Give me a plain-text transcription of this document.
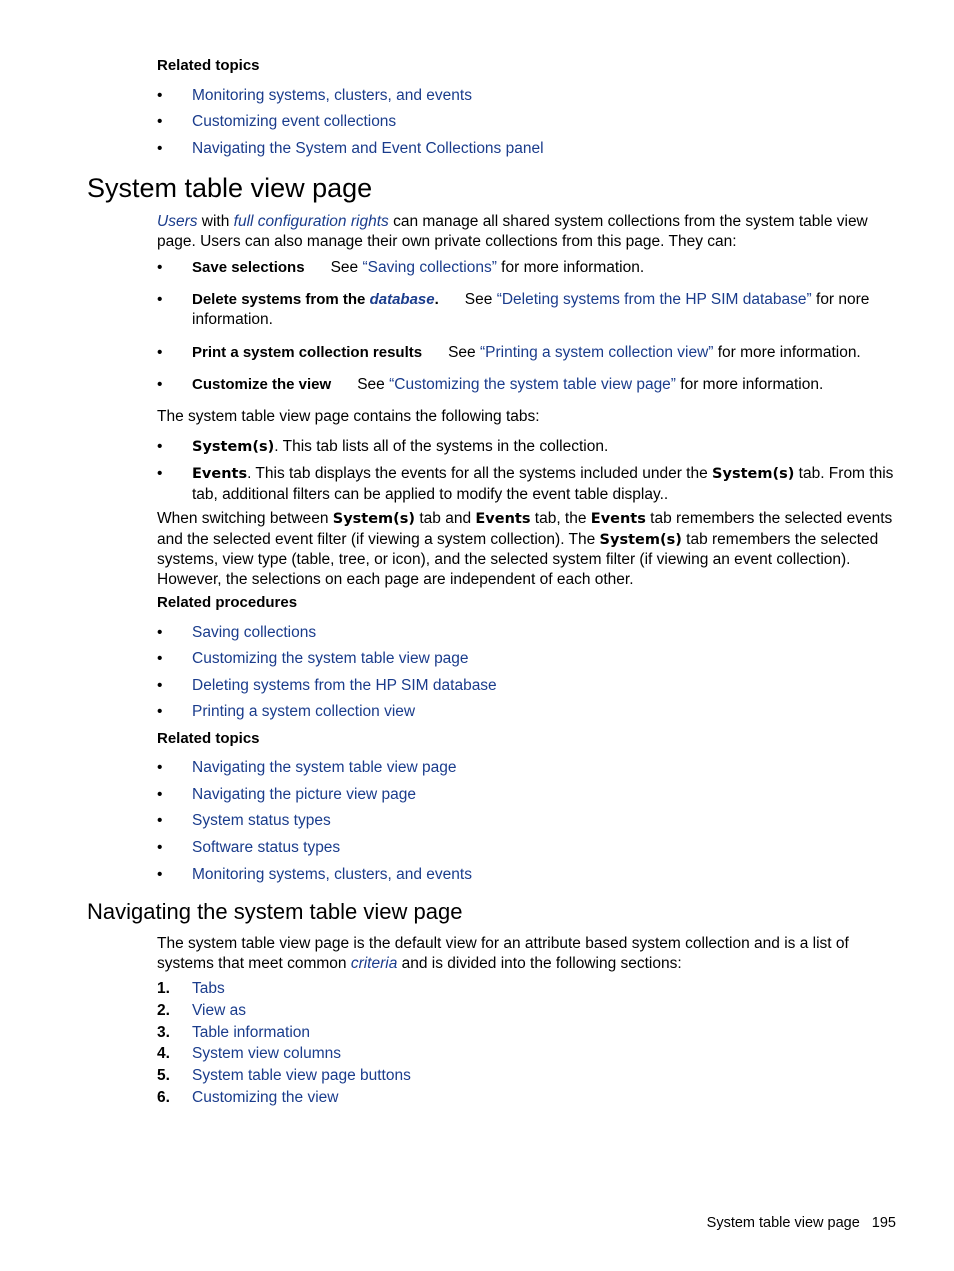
Related topics
• Monitoring systems, clusters, and events
• Customizing event collections
• Navigating the System and Event Collections panel
System table view page
Users with full configuration rights can manage all shared system collections from the system table view page. Users can also manage their own private collections from this page. They can:
• Save selections See “Saving collections” for more information.
• Delete systems from the database. See “Deleting systems from the HP SIM database” for nore information.
• Print a system collection results See “Printing a system collection view” for more information.
• Customize the view See “Customizing the system table view page” for more information.
The system table view page contains the following tabs:
• System(s). This tab lists all of the systems in the collection.
• Events. This tab displays the events for all the systems included under the System(s) tab. From this tab, additional filters can be applied to modify the event table display..
When switching between System(s) tab and Events tab, the Events tab remembers the selected events and the selected event filter (if viewing a system collection). The System(s) tab remembers the selected systems, view type (table, tree, or icon), and the selected system filter (if viewing an event collection). However, the selections on each page are independent of each other.
Related procedures
• Saving collections
• Customizing the system table view page
• Deleting systems from the HP SIM database
• Printing a system collection view
Related topics
• Navigating the system table view page
• Navigating the picture view page
• System status types
• Software status types
• Monitoring systems, clusters, and events
Navigating the system table view page
The system table view page is the default view for an attribute based system collection and is a list of systems that meet common criteria and is divided into the following sections:
1. Tabs
2. View as
3. Table information
4. System view columns
5. System table view page buttons
6. Customizing the view
System table view page 195
